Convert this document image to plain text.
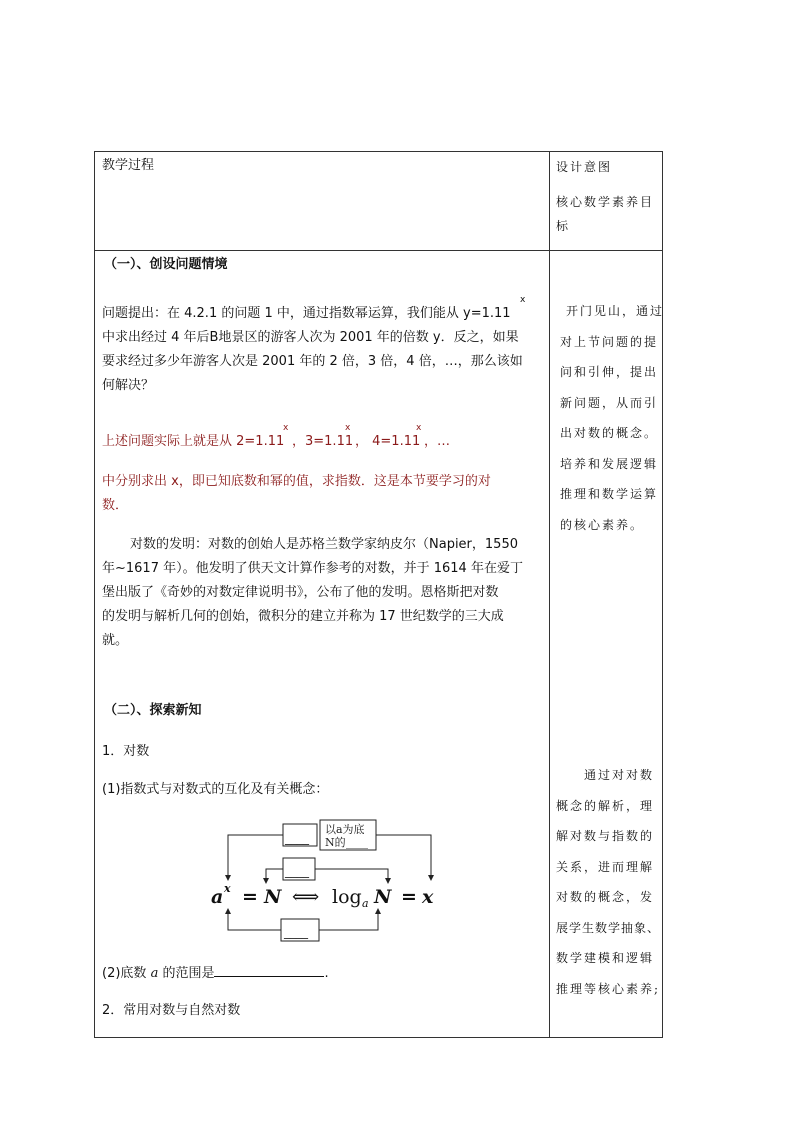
教学过程	设计意图
核心数学素养目
标
（一）、创设问题情境
问题提出：在 4.2.1 的问题 1 中，通过指数幂运算，我们能从 y=1.11
中求出经过 4 年后B地景区的游客人次为 2001 年的倍数 y．反之，如果
要求经过多少年游客人次是 2001 年的 2 倍，3 倍，4 倍，…，那么该如
何解决？
x
上述问题实际上就是从 2=1.11
x
，3=1.11
x
， 4=1.11
x
，…
中分别求出 x，即已知底数和幂的值，求指数．这是本节要学习的对
数．
对数的发明：对数的创始人是苏格兰数学家纳皮尔（Napier，1550
年~1617 年）。他发明了供天文计算作参考的对数，并于 1614 年在爱丁
堡出版了《奇妙的对数定律说明书》，公布了他的发明。恩格斯把对数
的发明与解析几何的创始，微积分的建立并称为 17 世纪数学的三大成
就。
开门见山，通过
对上节问题的提
问和引伸，提出
新问题，从而引
出对数的概念。
培养和发展逻辑
推理和数学运算
的核心素养。
（二）、探索新知
1．对数
(1)指数式与对数式的互化及有关概念：
____
____
____
以a为底
N的 ____
a x = N ⟺ log a N = x
(2)底数 a 的范围是	.
2．常用对数与自然对数
通过对对数
概念的解析，理
解对数与指数的
关系，进而理解
对数的概念，发
展学生数学抽象、
数学建模和逻辑
推理等核心素养;
